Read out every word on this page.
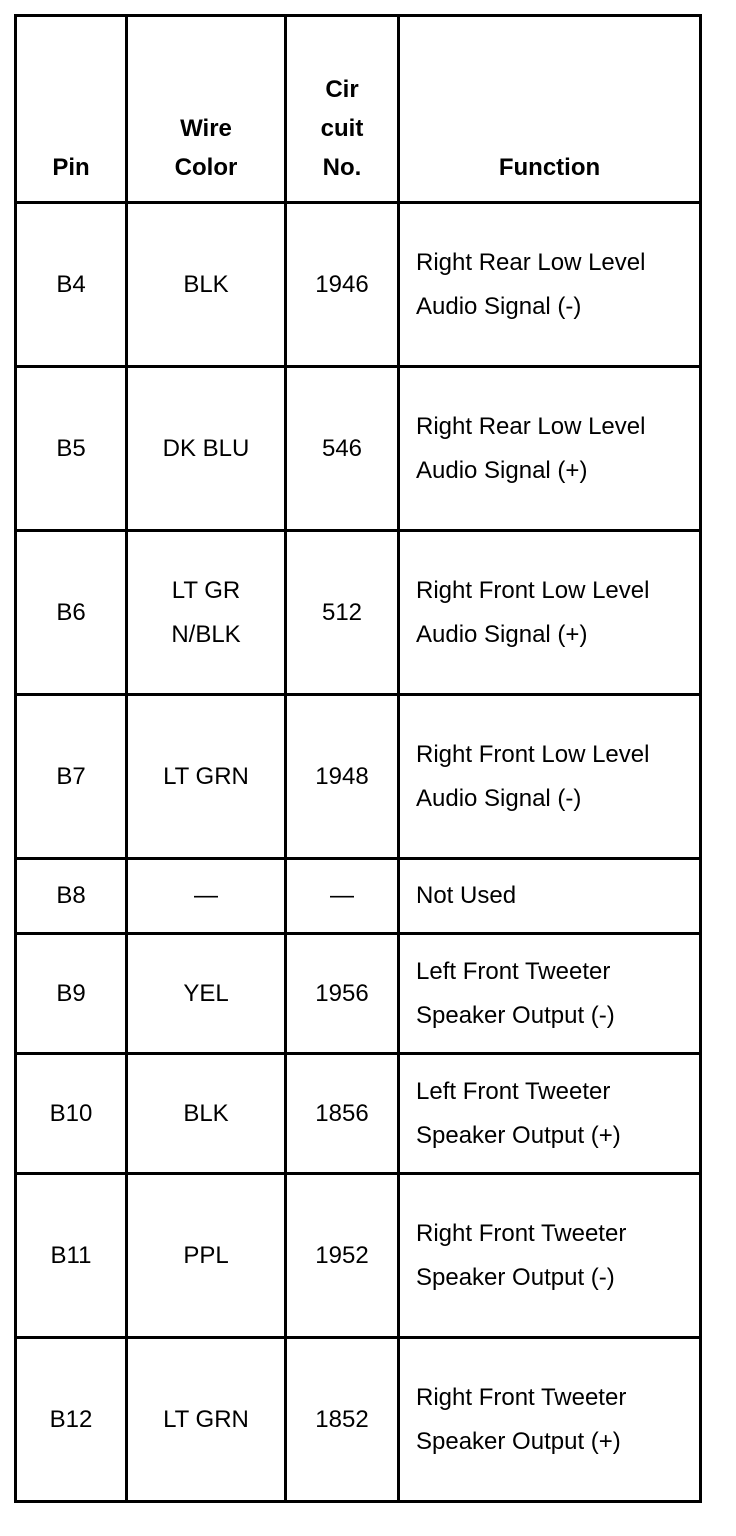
Pin	Wire Color	Cir cuit No.	Function
B4	BLK	1946	Right Rear Low Level Audio Signal (-)
B5	DK BLU	546	Right Rear Low Level Audio Signal (+)
B6	LT GRN/BLK	512	Right Front Low Level Audio Signal (+)
B7	LT GRN	1948	Right Front Low Level Audio Signal (-)
B8	—	—	Not Used
B9	YEL	1956	Left Front Tweeter Speaker Output (-)
B10	BLK	1856	Left Front Tweeter Speaker Output (+)
B11	PPL	1952	Right Front Tweeter Speaker Output (-)
B12	LT GRN	1852	Right Front Tweeter Speaker Output (+)
